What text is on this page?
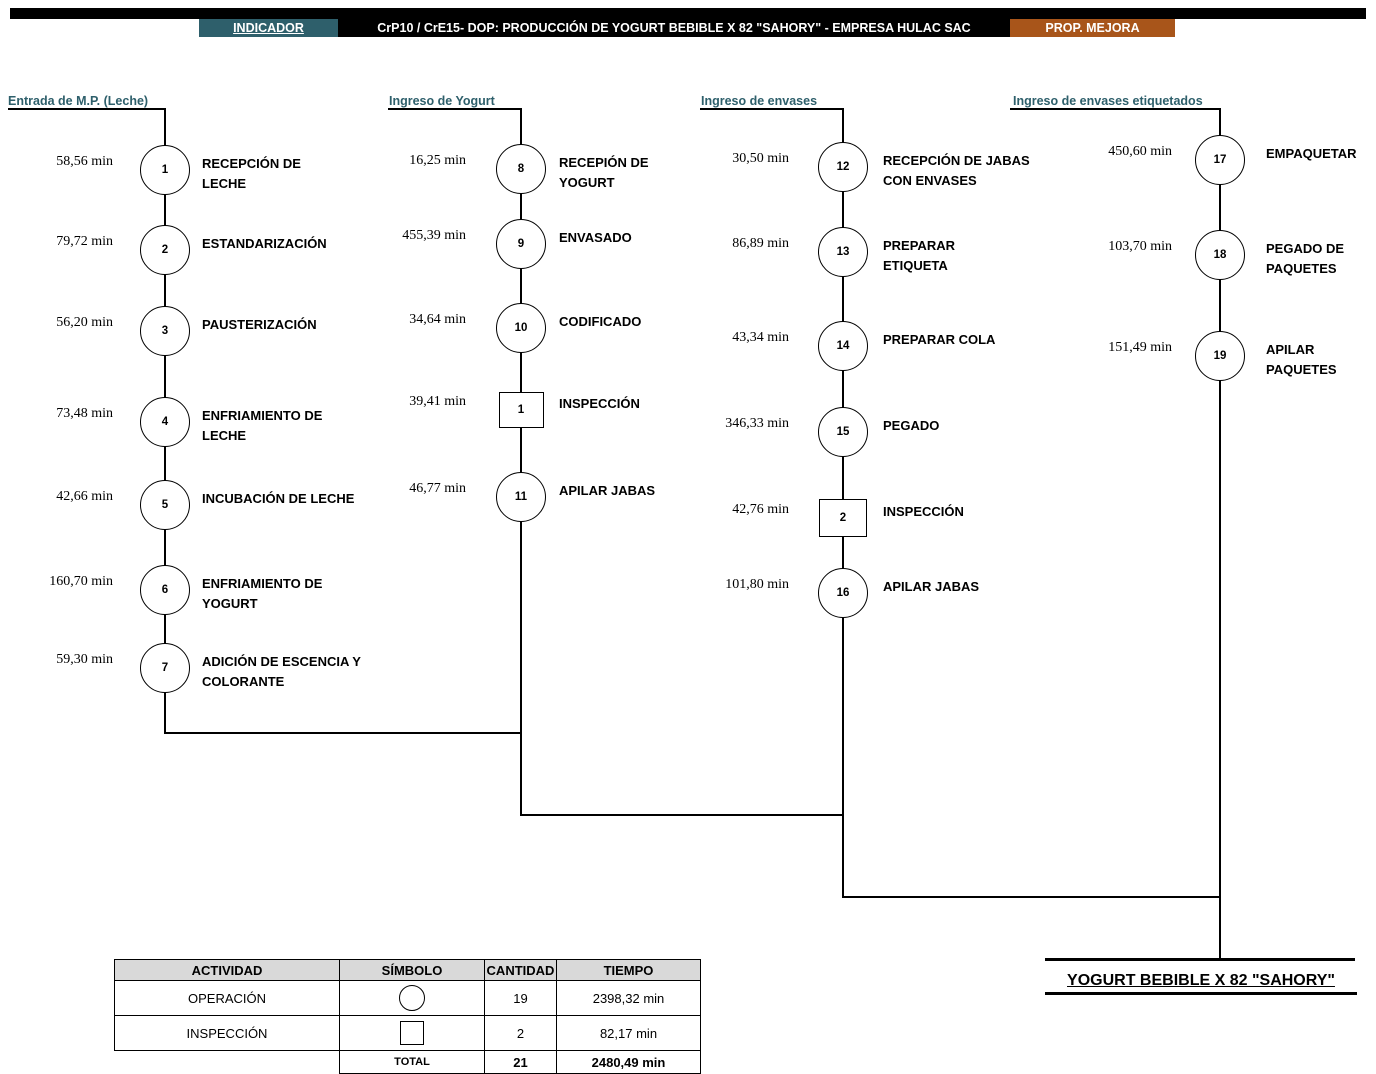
INDICADOR	CrP10 / CrE15- DOP: PRODUCCIÓN DE YOGURT BEBIBLE X 82 "SAHORY" - EMPRESA HULAC SAC	PROP. MEJORA
Entrada de M.P. (Leche)
1
58,56 min	RECEPCIÓN DE
LECHE
2
79,72 min	ESTANDARIZACIÓN
3
56,20 min	PAUSTERIZACIÓN
4
73,48 min	ENFRIAMIENTO DE
LECHE
5
42,66 min	INCUBACIÓN DE LECHE
6
160,70 min	ENFRIAMIENTO DE
YOGURT
7
59,30 min	ADICIÓN DE ESCENCIA Y
COLORANTE
Ingreso de Yogurt
8
16,25 min	RECEPIÓN DE
YOGURT
9
455,39 min	ENVASADO
10
34,64 min	CODIFICADO
1
39,41 min	INSPECCIÓN
11
46,77 min	APILAR JABAS
Ingreso de envases
12
30,50 min	RECEPCIÓN DE JABAS
CON ENVASES
13
86,89 min	PREPARAR
ETIQUETA
14
43,34 min	PREPARAR COLA
15
346,33 min	PEGADO
2
42,76 min	INSPECCIÓN
16
101,80 min	APILAR JABAS
Ingreso de envases etiquetados
17
450,60 min	EMPAQUETAR
18
103,70 min	PEGADO DE
PAQUETES
19
151,49 min	APILAR
PAQUETES
YOGURT BEBIBLE X 82 "SAHORY"
ACTIVIDAD	SÍMBOLO	CANTIDAD	TIEMPO
OPERACIÓN		19	2398,32 min
INSPECCIÓN		2	82,17 min
	TOTAL	21	2480,49 min
